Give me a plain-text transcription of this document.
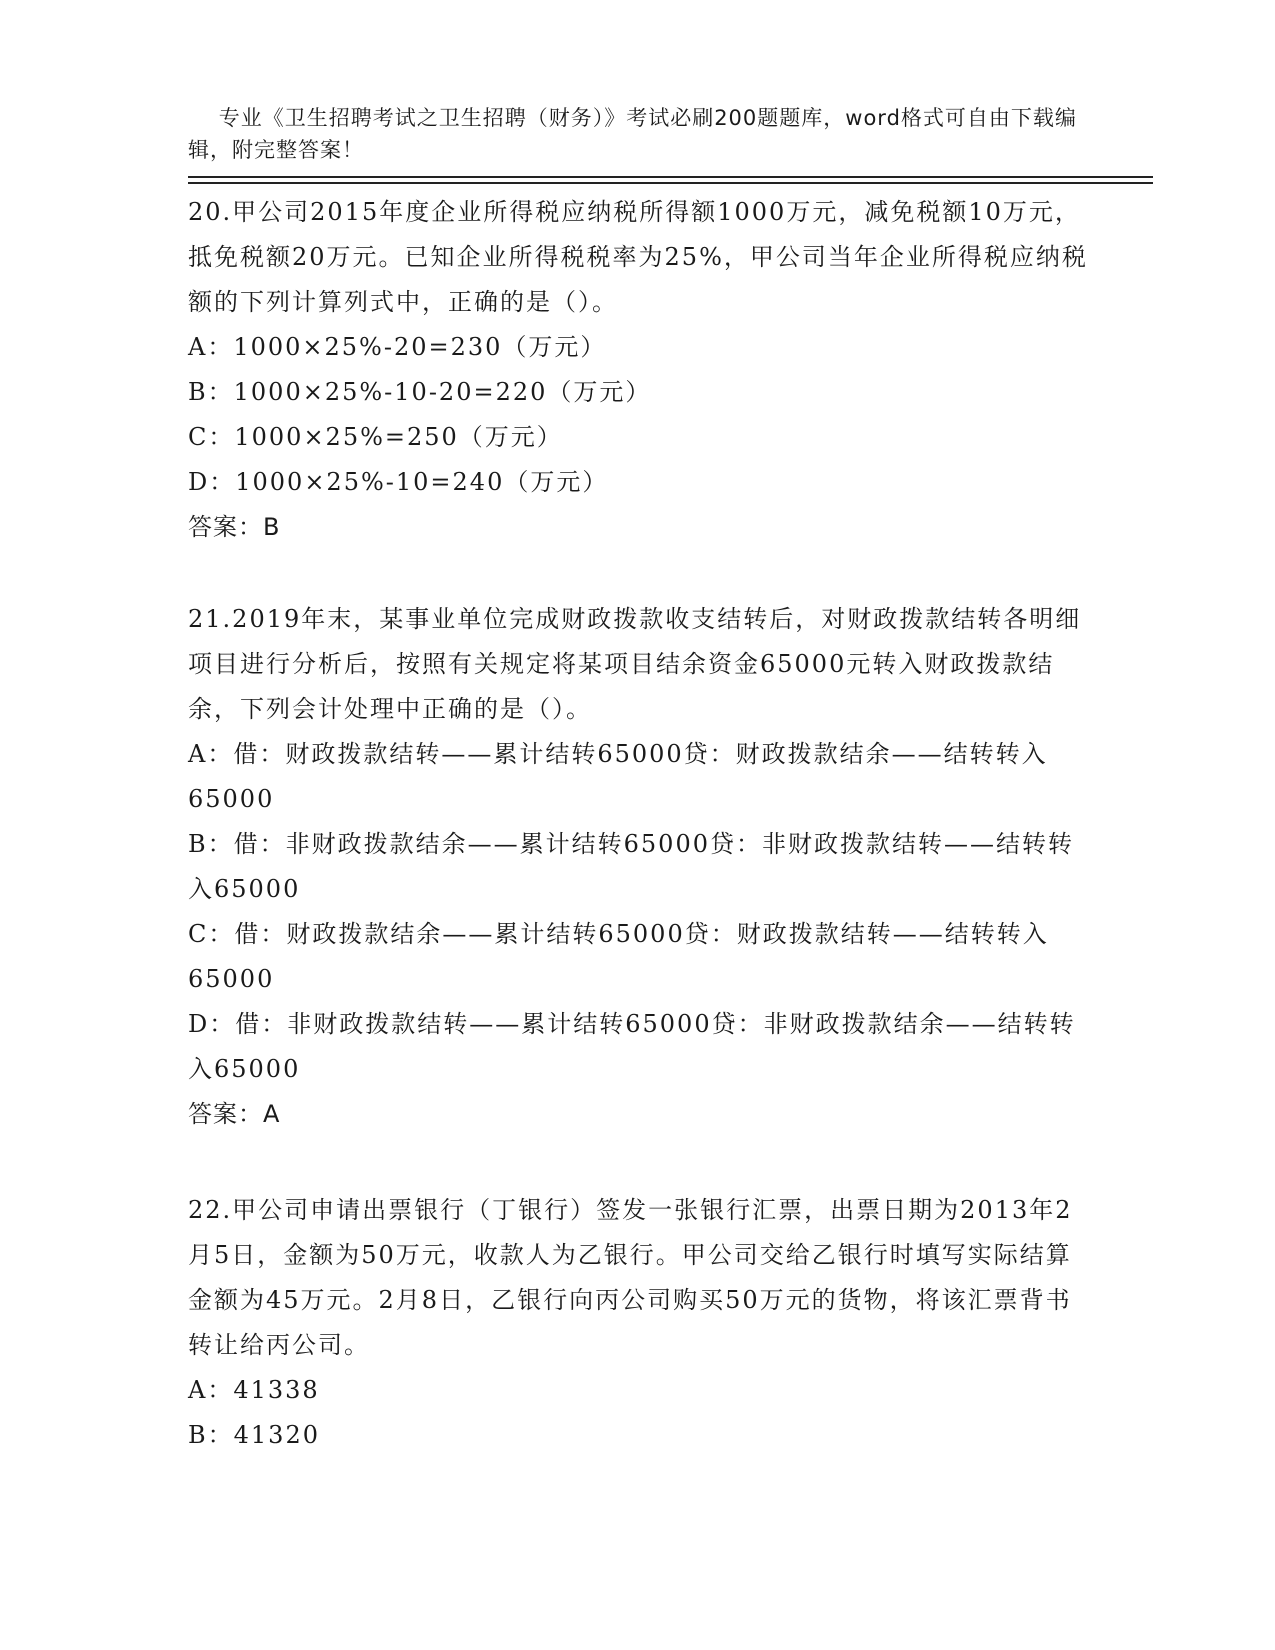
专业《卫生招聘考试之卫生招聘（财务）》考试必刷200题题库，word格式可自由下载编辑，附完整答案！

20.甲公司2015年度企业所得税应纳税所得额1000万元，减免税额10万元，抵免税额20万元。已知企业所得税税率为25%，甲公司当年企业所得税应纳税额的下列计算列式中，正确的是（）。

A：1000×25%-20=230（万元）

B：1000×25%-10-20=220（万元）

C：1000×25%=250（万元）

D：1000×25%-10=240（万元）

答案：B

21.2019年末，某事业单位完成财政拨款收支结转后，对财政拨款结转各明细项目进行分析后，按照有关规定将某项目结余资金65000元转入财政拨款结余，下列会计处理中正确的是（）。

A：借：财政拨款结转——累计结转65000贷：财政拨款结余——结转转入65000

B：借：非财政拨款结余——累计结转65000贷：非财政拨款结转——结转转入65000

C：借：财政拨款结余——累计结转65000贷：财政拨款结转——结转转入65000

D：借：非财政拨款结转——累计结转65000贷：非财政拨款结余——结转转入65000

答案：A

22.甲公司申请出票银行（丁银行）签发一张银行汇票，出票日期为2013年2月5日，金额为50万元，收款人为乙银行。甲公司交给乙银行时填写实际结算金额为45万元。2月8日，乙银行向丙公司购买50万元的货物，将该汇票背书转让给丙公司。

A：41338

B：41320
